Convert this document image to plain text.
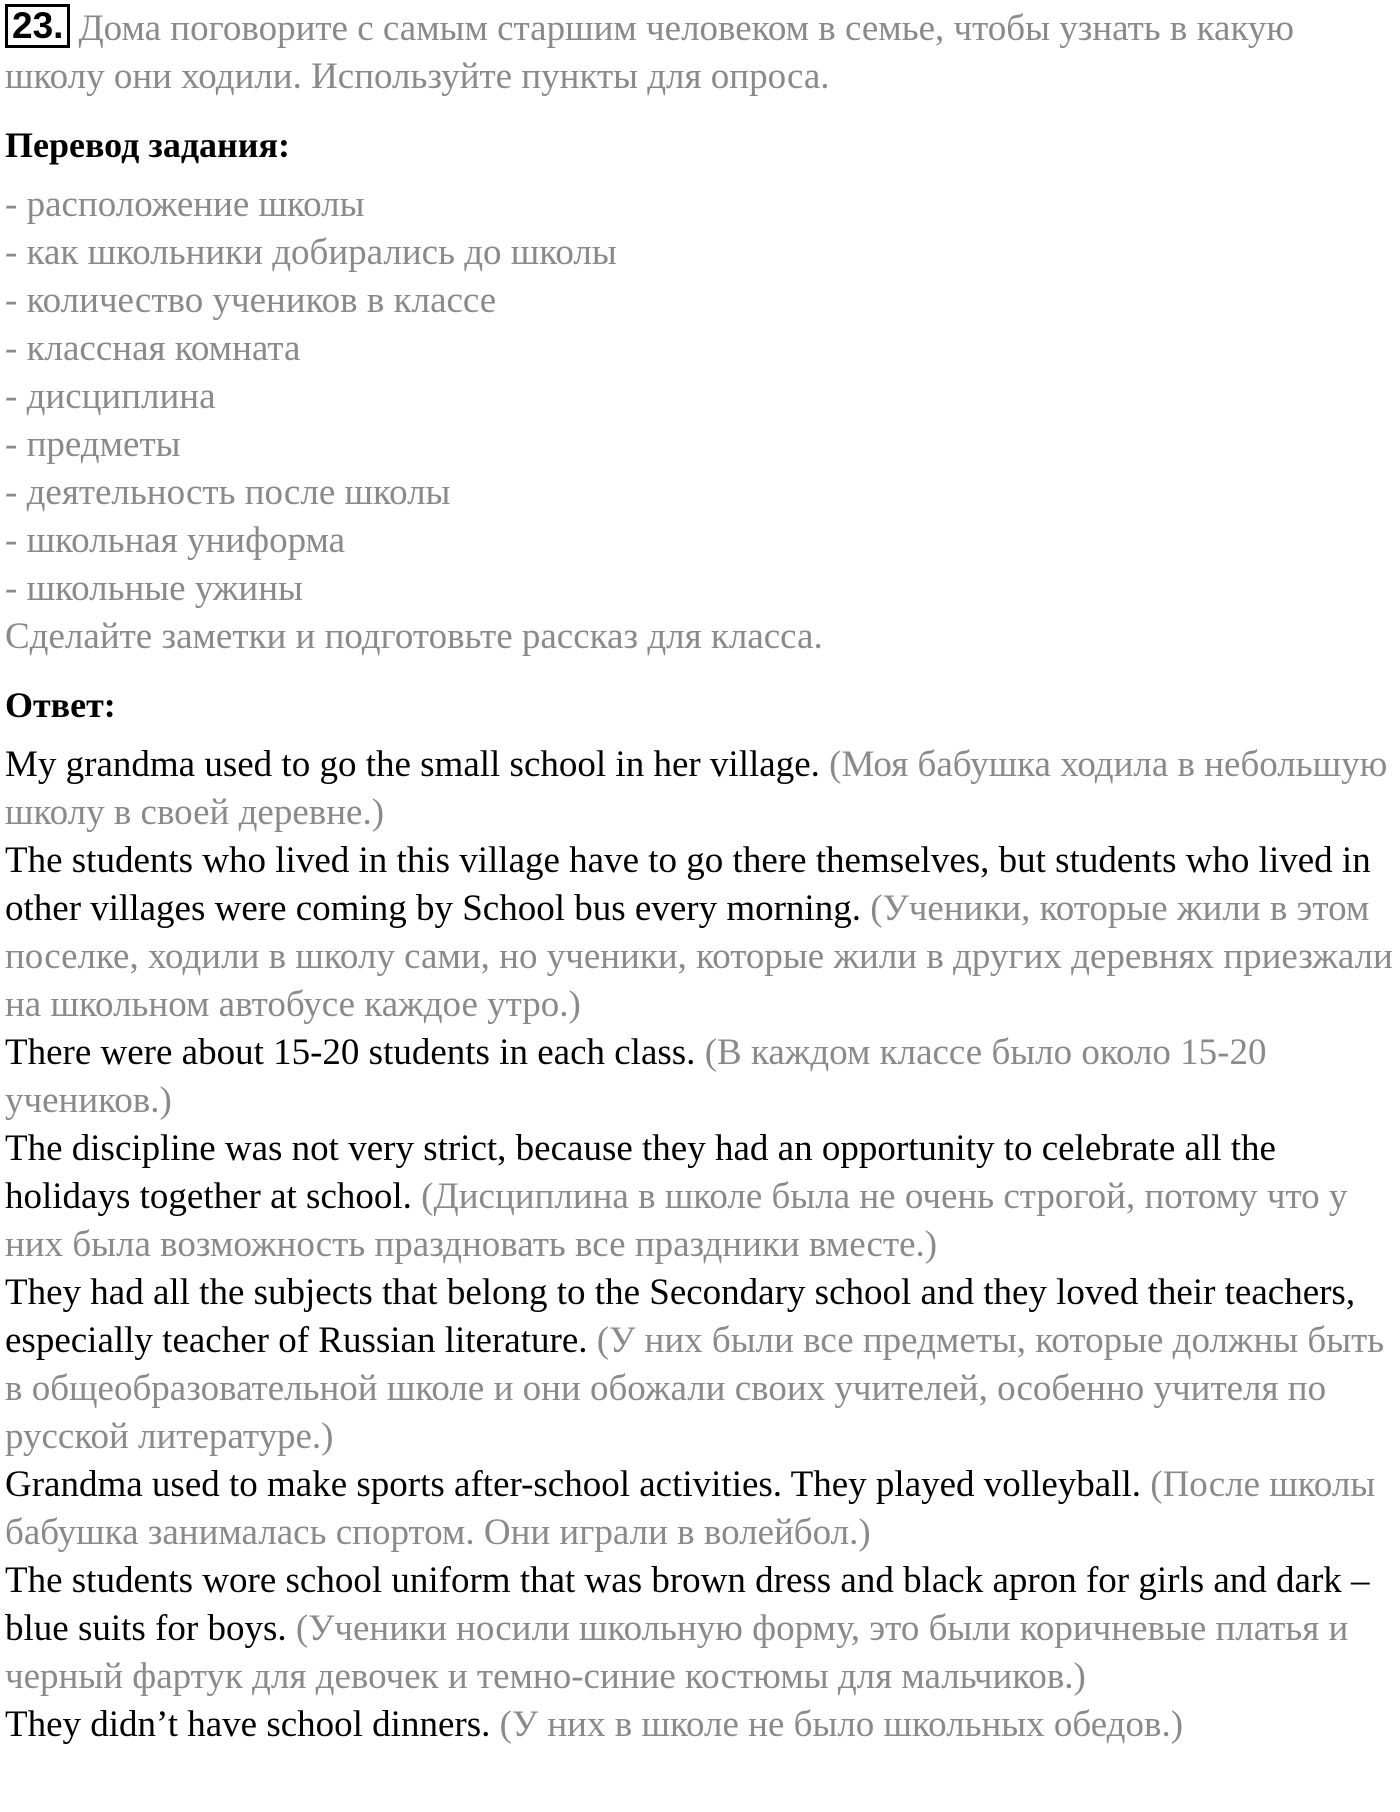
23. Дома поговорите с самым старшим человеком в семье, чтобы узнать в какую школу они ходили. Используйте пункты для опроса.
Перевод задания:
- расположение школы
- как школьники добирались до школы
- количество учеников в классе
- классная комната
- дисциплина
- предметы
- деятельность после школы
- школьная униформа
- школьные ужины
Сделайте заметки и подготовьте рассказ для класса.
Ответ:

My grandma used to go the small school in her village. (Моя бабушка ходила в небольшую школу в своей деревне.)

The students who lived in this village have to go there themselves, but students who lived in other villages were coming by School bus every morning. (Ученики, которые жили в этом поселке, ходили в школу сами, но ученики, которые жили в других деревнях приезжали на школьном автобусе каждое утро.)

There were about 15-20 students in each class. (В каждом классе было около 15-20 учеников.)

The discipline was not very strict, because they had an opportunity to celebrate all the holidays together at school. (Дисциплина в школе была не очень строгой, потому что у них была возможность праздновать все праздники вместе.)

They had all the subjects that belong to the Secondary school and they loved their teachers, especially teacher of Russian literature. (У них были все предметы, которые должны быть в общеобразовательной школе и они обожали своих учителей, особенно учителя по русской литературе.)

Grandma used to make sports after-school activities. They played volleyball. (После школы бабушка занималась спортом. Они играли в волейбол.)

The students wore school uniform that was brown dress and black apron for girls and dark – blue suits for boys. (Ученики носили школьную форму, это были коричневые платья и черный фартук для девочек и темно-синие костюмы для мальчиков.)

They didn’t have school dinners. (У них в школе не было школьных обедов.)
